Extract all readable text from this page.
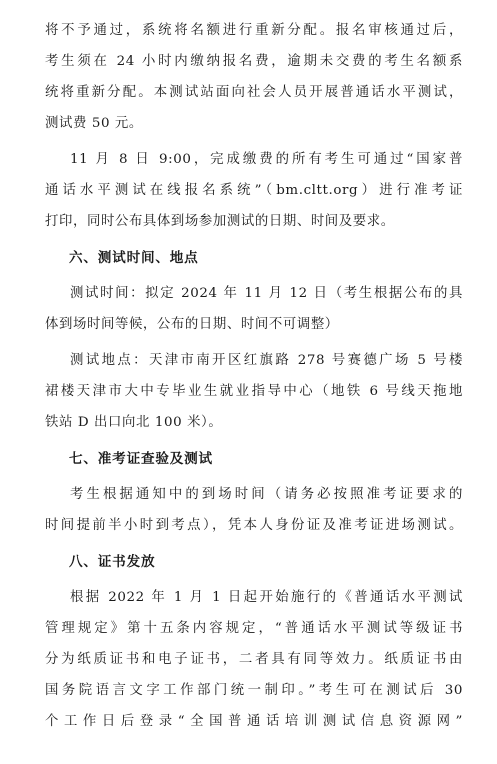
将不予通过，系统将名额进行重新分配。报名审核通过后，
考生须在 24 小时内缴纳报名费，逾期未交费的考生名额系
统将重新分配。本测试站面向社会人员开展普通话水平测试，
测试费 50 元。
11 月 8 日 9:00，完成缴费的所有考生可通过“国家普
通话水平测试在线报名系统”（bm.cltt.org）进行准考证
打印，同时公布具体到场参加测试的日期、时间及要求。
六、测试时间、地点
测试时间：拟定 2024 年 11 月 12 日（考生根据公布的具
体到场时间等候，公布的日期、时间不可调整）
测试地点：天津市南开区红旗路 278 号赛德广场 5 号楼
裙楼天津市大中专毕业生就业指导中心（地铁 6 号线天拖地
铁站 D 出口向北 100 米）。
七、准考证查验及测试
考生根据通知中的到场时间（请务必按照准考证要求的
时间提前半小时到考点），凭本人身份证及准考证进场测试。
八、证书发放
根据 2022 年 1 月 1 日起开始施行的《普通话水平测试
管理规定》第十五条内容规定，“普通话水平测试等级证书
分为纸质证书和电子证书，二者具有同等效力。纸质证书由
国务院语言文字工作部门统一制印。”考生可在测试后 30
个工作日后登录“全国普通话培训测试信息资源网”
